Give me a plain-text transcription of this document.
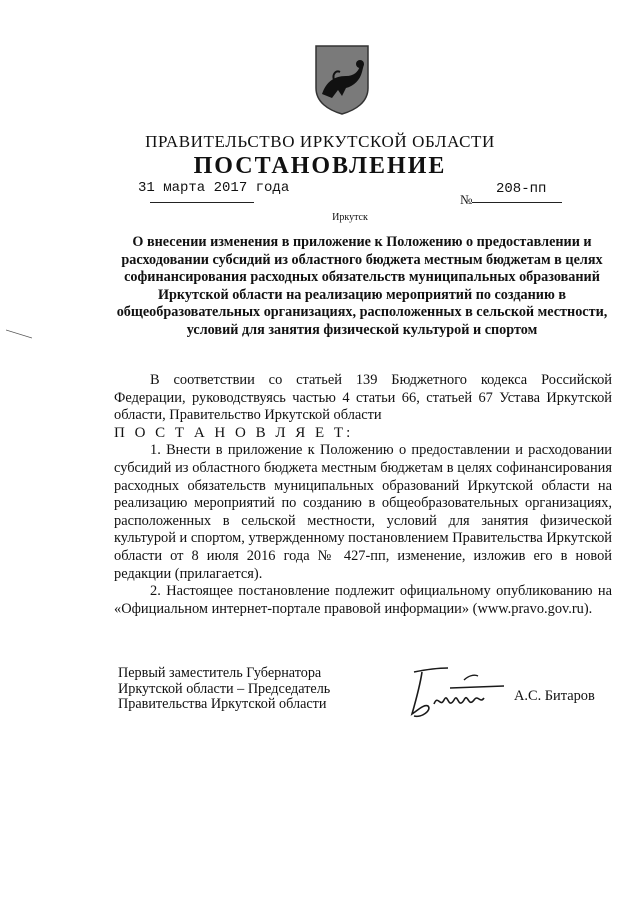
ПРАВИТЕЛЬСТВО ИРКУТСКОЙ ОБЛАСТИ
ПОСТАНОВЛЕНИЕ
31 марта 2017 года
№
208-пп
Иркутск
О внесении изменения в приложение к Положению о предоставлении и расходовании субсидий из областного бюджета местным бюджетам в целях софинансирования расходных обязательств муниципальных образований Иркутской области на реализацию мероприятий по созданию в общеобразовательных организациях, расположенных в сельской местности, условий для занятия физической культурой и спортом

В соответствии со статьей 139 Бюджетного кодекса Российской Федерации, руководствуясь частью 4 статьи 66, статьей 67 Устава Иркутской области, Правительство Иркутской области

П О С Т А Н О В Л Я Е Т:

1. Внести в приложение к Положению о предоставлении и расходовании субсидий из областного бюджета местным бюджетам в целях софинансирования расходных обязательств муниципальных образований Иркутской области на реализацию мероприятий по созданию в общеобразовательных организациях, расположенных в сельской местности, условий для занятия физической культурой и спортом, утвержденному постановлением Правительства Иркутской области от 8 июля 2016 года № 427-пп, изменение, изложив его в новой редакции (прилагается).

2. Настоящее постановление подлежит официальному опубликованию на «Официальном интернет-портале правовой информации» (www.pravo.gov.ru).

Первый заместитель Губернатора
Иркутской области – Председатель
Правительства Иркутской области
А.С. Битаров
